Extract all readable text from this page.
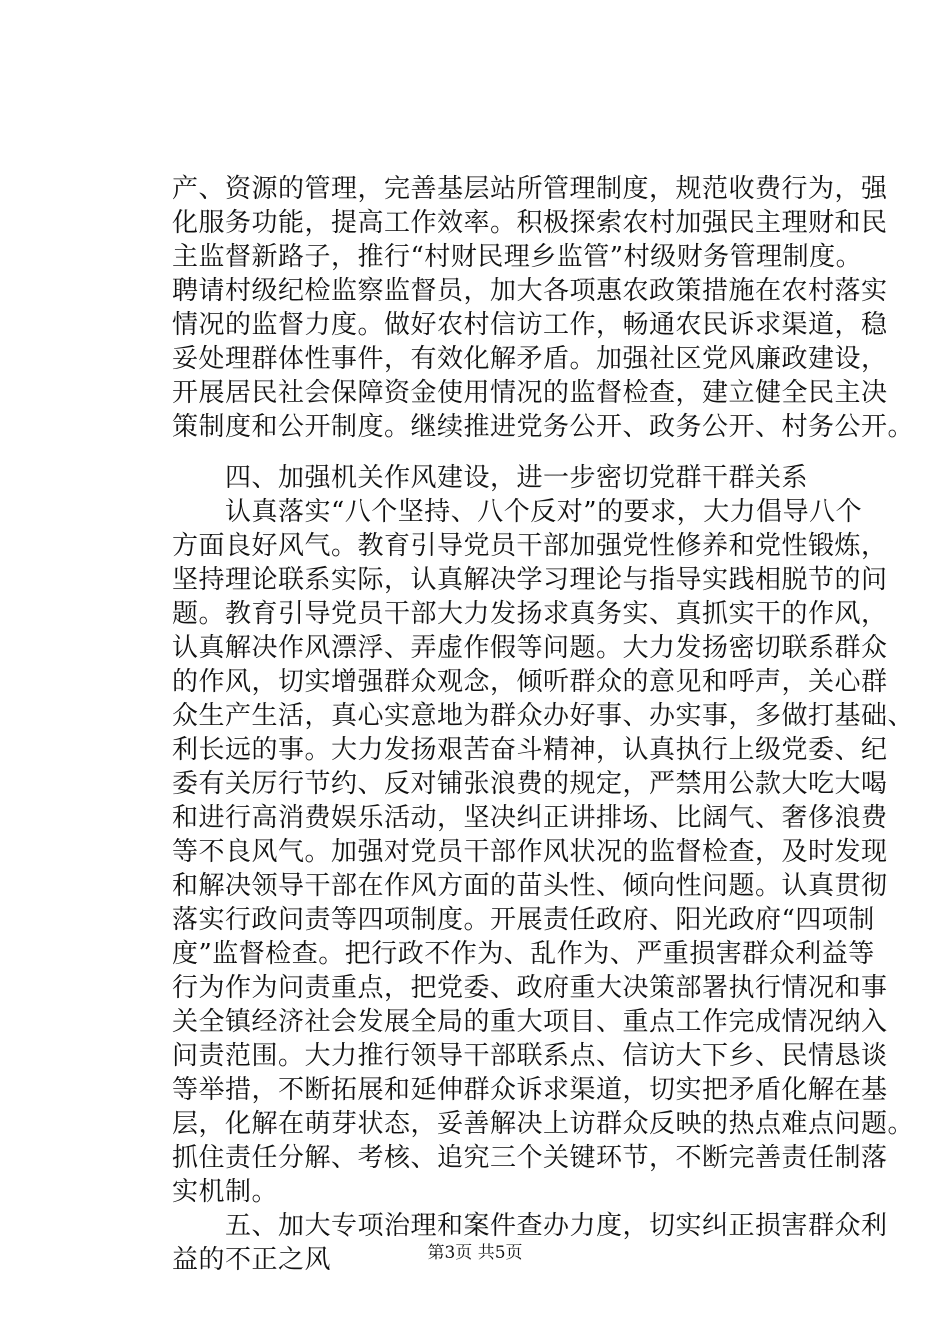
产、资源的管理，完善基层站所管理制度，规范收费行为，强
化服务功能，提高工作效率。积极探索农村加强民主理财和民
主监督新路子，推行“村财民理乡监管”村级财务管理制度。
聘请村级纪检监察监督员，加大各项惠农政策措施在农村落实
情况的监督力度。做好农村信访工作，畅通农民诉求渠道，稳
妥处理群体性事件，有效化解矛盾。加强社区党风廉政建设，
开展居民社会保障资金使用情况的监督检查，建立健全民主决
策制度和公开制度。继续推进党务公开、政务公开、村务公开。
　　四、加强机关作风建设，进一步密切党群干群关系
　　认真落实“八个坚持、八个反对”的要求，大力倡导八个
方面良好风气。教育引导党员干部加强党性修养和党性锻炼，
坚持理论联系实际，认真解决学习理论与指导实践相脱节的问
题。教育引导党员干部大力发扬求真务实、真抓实干的作风，
认真解决作风漂浮、弄虚作假等问题。大力发扬密切联系群众
的作风，切实增强群众观念，倾听群众的意见和呼声，关心群
众生产生活，真心实意地为群众办好事、办实事，多做打基础、
利长远的事。大力发扬艰苦奋斗精神，认真执行上级党委、纪
委有关厉行节约、反对铺张浪费的规定，严禁用公款大吃大喝
和进行高消费娱乐活动，坚决纠正讲排场、比阔气、奢侈浪费
等不良风气。加强对党员干部作风状况的监督检查，及时发现
和解决领导干部在作风方面的苗头性、倾向性问题。认真贯彻
落实行政问责等四项制度。开展责任政府、阳光政府“四项制
度”监督检查。把行政不作为、乱作为、严重损害群众利益等
行为作为问责重点，把党委、政府重大决策部署执行情况和事
关全镇经济社会发展全局的重大项目、重点工作完成情况纳入
问责范围。大力推行领导干部联系点、信访大下乡、民情恳谈
等举措，不断拓展和延伸群众诉求渠道，切实把矛盾化解在基
层，化解在萌芽状态，妥善解决上访群众反映的热点难点问题。
抓住责任分解、考核、追究三个关键环节，不断完善责任制落
实机制。
　　五、加大专项治理和案件查办力度，切实纠正损害群众利
益的不正之风	第3页 共5页
